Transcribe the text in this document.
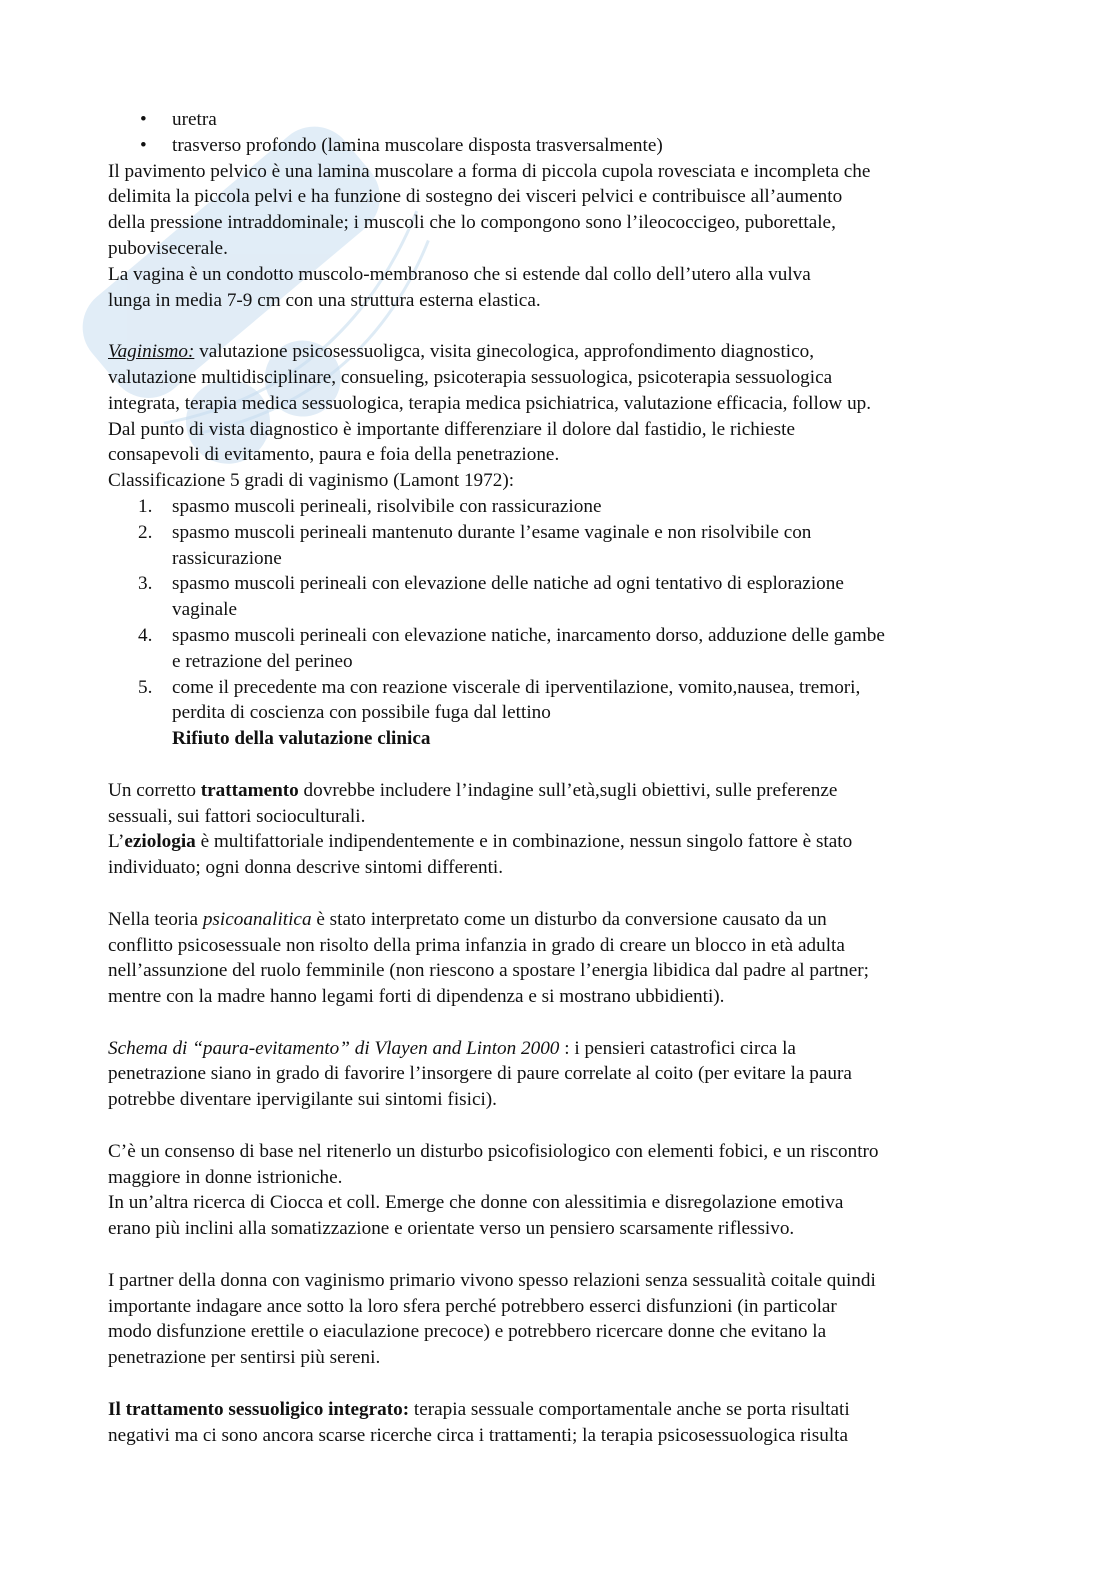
• uretra
• trasverso profondo (lamina muscolare disposta trasversalmente)
Il pavimento pelvico è una lamina muscolare a forma di piccola cupola rovesciata e incompleta che
delimita la piccola pelvi e ha funzione di sostegno dei visceri pelvici e contribuisce all’aumento
della pressione intraddominale; i muscoli che lo compongono sono l’ileococcigeo, puborettale,
pubovisecerale.
La vagina è un condotto muscolo-membranoso che si estende dal collo dell’utero alla vulva
lunga in media 7-9 cm con una struttura esterna elastica.
Vaginismo: valutazione psicosessuoligca, visita ginecologica, approfondimento diagnostico,
valutazione multidisciplinare, consueling, psicoterapia sessuologica, psicoterapia sessuologica
integrata, terapia medica sessuologica, terapia medica psichiatrica, valutazione efficacia, follow up.
Dal punto di vista diagnostico è importante differenziare il dolore dal fastidio, le richieste
consapevoli di evitamento, paura e foia della penetrazione.
Classificazione 5 gradi di vaginismo (Lamont 1972):
1. spasmo muscoli perineali, risolvibile con rassicurazione
2. spasmo muscoli perineali mantenuto durante l’esame vaginale e non risolvibile con
rassicurazione
3. spasmo muscoli perineali con elevazione delle natiche ad ogni tentativo di esplorazione
vaginale
4. spasmo muscoli perineali con elevazione natiche, inarcamento dorso, adduzione delle gambe
e retrazione del perineo
5. come il precedente ma con reazione viscerale di iperventilazione, vomito,nausea, tremori,
perdita di coscienza con possibile fuga dal lettino
Rifiuto della valutazione clinica
Un corretto trattamento dovrebbe includere l’indagine sull’età,sugli obiettivi, sulle preferenze
sessuali, sui fattori socioculturali.
L’eziologia è multifattoriale indipendentemente e in combinazione, nessun singolo fattore è stato
individuato; ogni donna descrive sintomi differenti.
Nella teoria psicoanalitica è stato interpretato come un disturbo da conversione causato da un
conflitto psicosessuale non risolto della prima infanzia in grado di creare un blocco in età adulta
nell’assunzione del ruolo femminile (non riescono a spostare l’energia libidica dal padre al partner;
mentre con la madre hanno legami forti di dipendenza e si mostrano ubbidienti).
Schema di “paura-evitamento” di Vlayen and Linton 2000 : i pensieri catastrofici circa la
penetrazione siano in grado di favorire l’insorgere di paure correlate al coito (per evitare la paura
potrebbe diventare ipervigilante sui sintomi fisici).
C’è un consenso di base nel ritenerlo un disturbo psicofisiologico con elementi fobici, e un riscontro
maggiore in donne istrioniche.
In un’altra ricerca di Ciocca et coll. Emerge che donne con alessitimia e disregolazione emotiva
erano più inclini alla somatizzazione e orientate verso un pensiero scarsamente riflessivo.
I partner della donna con vaginismo primario vivono spesso relazioni senza sessualità coitale quindi
importante indagare ance sotto la loro sfera perché potrebbero esserci disfunzioni (in particolar
modo disfunzione erettile o eiaculazione precoce) e potrebbero ricercare donne che evitano la
penetrazione per sentirsi più sereni.
Il trattamento sessuoligico integrato: terapia sessuale comportamentale anche se porta risultati
negativi ma ci sono ancora scarse ricerche circa i trattamenti; la terapia psicosessuologica risulta
